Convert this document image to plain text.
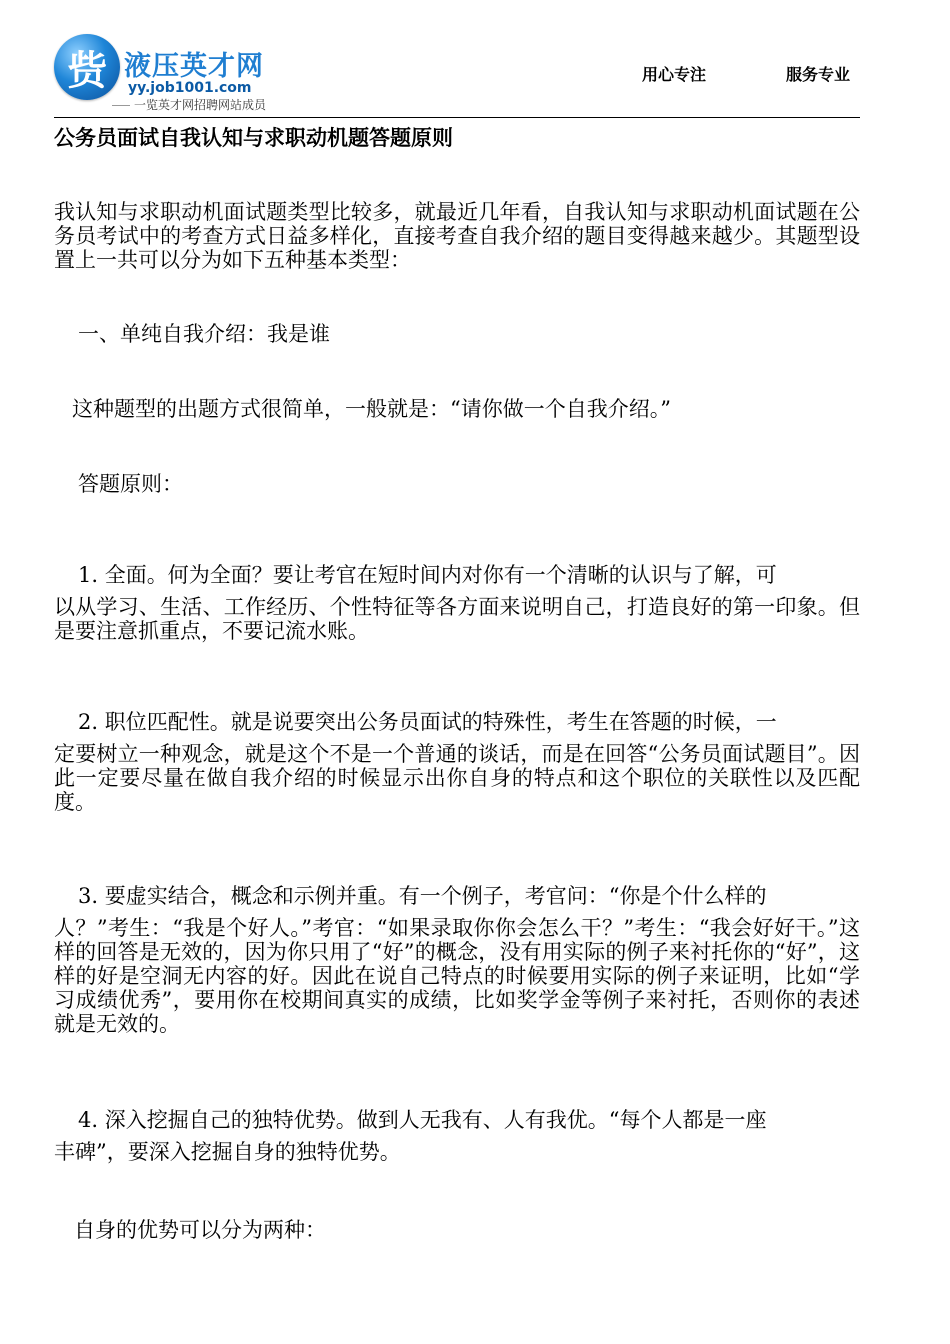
赀 液压英才网
yy.job1001.com
一览英才网招聘网站成员
用心专注	服务专业
公务员面试自我认知与求职动机题答题原则

我认知与求职动机面试题类型比较多，就最近几年看，自我认知与求职动机面试题在公务员考试中的考查方式日益多样化，直接考查自我介绍的题目变得越来越少。其题型设置上一共可以分为如下五种基本类型：

一、单纯自我介绍：我是谁

这种题型的出题方式很简单，一般就是：“请你做一个自我介绍。”

答题原则：

1. 全面。何为全面？要让考官在短时间内对你有一个清晰的认识与了解，可
以从学习、生活、工作经历、个性特征等各方面来说明自己，打造良好的第一印象。但是要注意抓重点，不要记流水账。
2. 职位匹配性。就是说要突出公务员面试的特殊性，考生在答题的时候，一
定要树立一种观念，就是这个不是一个普通的谈话，而是在回答“公务员面试题目”。因此一定要尽量在做自我介绍的时候显示出你自身的特点和这个职位的关联性以及匹配度。
3. 要虚实结合，概念和示例并重。有一个例子，考官问：“你是个什么样的
人？”考生：“我是个好人。”考官：“如果录取你你会怎么干？”考生：“我会好好干。”这样的回答是无效的，因为你只用了“好”的概念，没有用实际的例子来衬托你的“好”，这样的好是空洞无内容的好。因此在说自己特点的时候要用实际的例子来证明，比如“学习成绩优秀”，要用你在校期间真实的成绩，比如奖学金等例子来衬托，否则你的表述就是无效的。
4. 深入挖掘自己的独特优势。做到人无我有、人有我优。“每个人都是一座
丰碑”，要深入挖掘自身的独特优势。

自身的优势可以分为两种：
